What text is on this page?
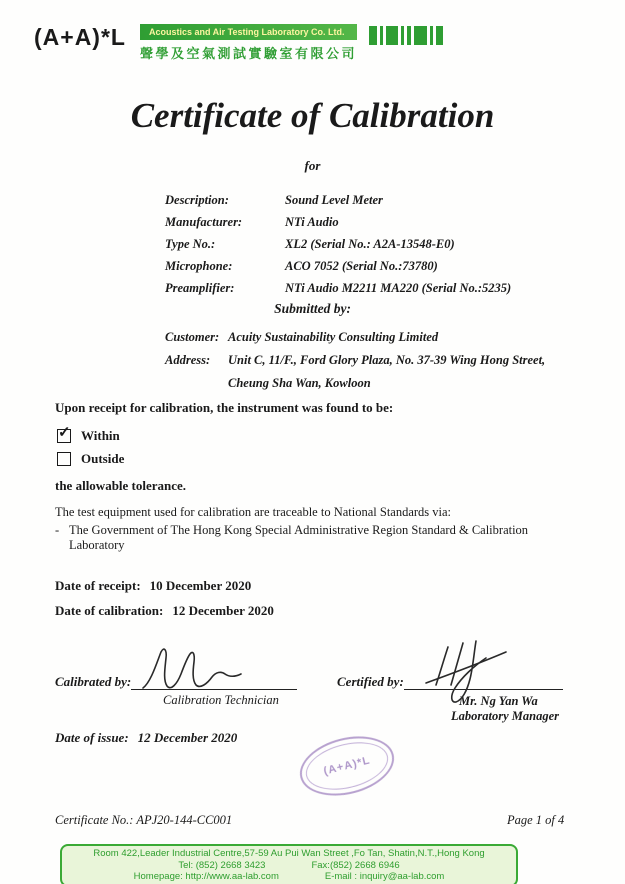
(A+A)*L	Acoustics and Air Testing Laboratory Co. Ltd.
聲學及空氣測試實驗室有限公司
Certificate of Calibration
for
Description:	Sound Level Meter
Manufacturer:	NTi Audio
Type No.:	XL2 (Serial No.: A2A-13548-E0)
Microphone:	ACO 7052 (Serial No.:73780)
Preamplifier:	NTi Audio M2211 MA220 (Serial No.:5235)
Submitted by:
Customer: Acuity Sustainability Consulting Limited
Address:	Unit C, 11/F., Ford Glory Plaza, No. 37-39 Wing Hong Street,
Cheung Sha Wan, Kowloon
Upon receipt for calibration, the instrument was found to be:
✓ Within
Outside
the allowable tolerance.
The test equipment used for calibration are traceable to National Standards via:
- The Government of The Hong Kong Special Administrative Region Standard & Calibration Laboratory
Date of receipt: 10 December 2020
Date of calibration: 12 December 2020
Calibrated by:
Calibration Technician
Certified by:
Mr. Ng Yan Wa
Laboratory Manager
Date of issue: 12 December 2020
(A+A)*L
Certificate No.: APJ20-144-CC001	Page 1 of 4
Room 422,Leader Industrial Centre,57-59 Au Pui Wan Street ,Fo Tan, Shatin,N.T.,Hong Kong
Tel: (852) 2668 3423	Fax:(852) 2668 6946
Homepage: http://www.aa-lab.com	E-mail : inquiry@aa-lab.com
